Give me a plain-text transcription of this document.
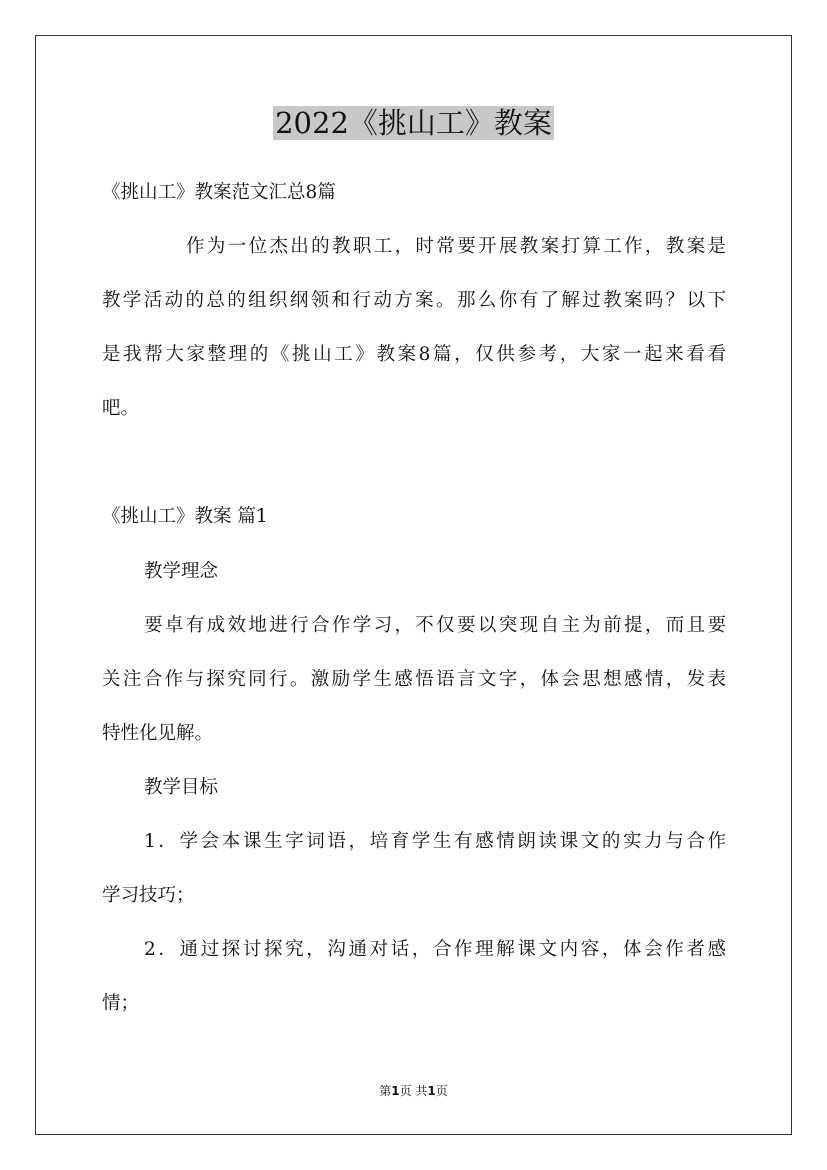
2022《挑山工》教案
《挑山工》教案范文汇总8篇
作为一位杰出的教职工，时常要开展教案打算工作，教案是
教学活动的总的组织纲领和行动方案。那么你有了解过教案吗？以下
是我帮大家整理的《挑山工》教案8篇，仅供参考，大家一起来看看
吧。
《挑山工》教案 篇1
教学理念
要卓有成效地进行合作学习，不仅要以突现自主为前提，而且要
关注合作与探究同行。激励学生感悟语言文字，体会思想感情，发表
特性化见解。
教学目标
1．学会本课生字词语，培育学生有感情朗读课文的实力与合作
学习技巧；
2．通过探讨探究，沟通对话，合作理解课文内容，体会作者感
情；
第1页 共1页
